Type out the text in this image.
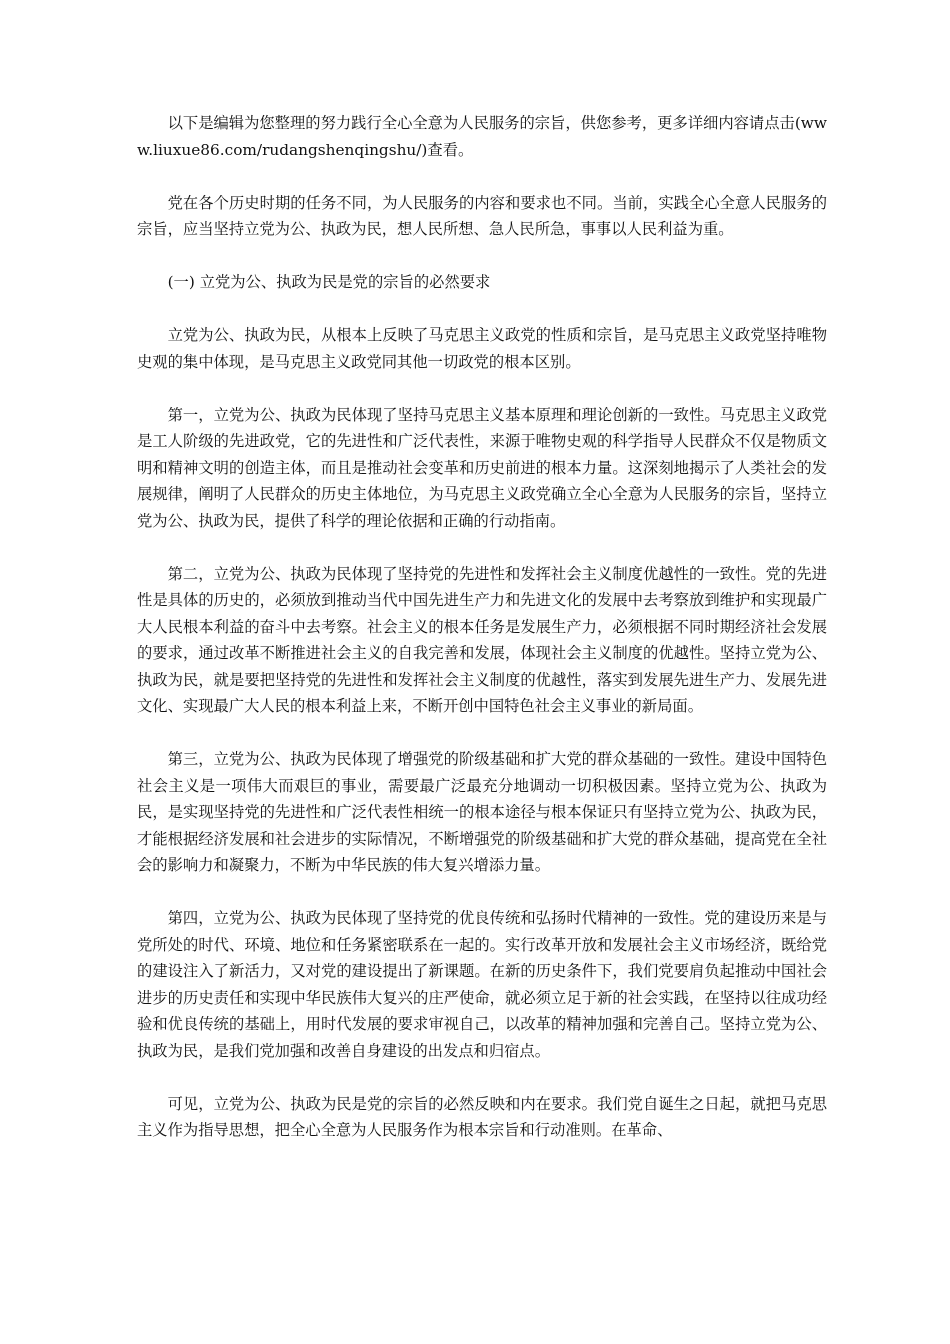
以下是编辑为您整理的努力践行全心全意为人民服务的宗旨，供您参考，更多详细内容请点击(www.liuxue86.com/rudangshenqingshu/)查看。

党在各个历史时期的任务不同，为人民服务的内容和要求也不同。当前，实践全心全意人民服务的宗旨，应当坚持立党为公、执政为民，想人民所想、急人民所急，事事以人民利益为重。

(一) 立党为公、执政为民是党的宗旨的必然要求

立党为公、执政为民，从根本上反映了马克思主义政党的性质和宗旨，是马克思主义政党坚持唯物史观的集中体现，是马克思主义政党同其他一切政党的根本区别。

第一，立党为公、执政为民体现了坚持马克思主义基本原理和理论创新的一致性。马克思主义政党是工人阶级的先进政党，它的先进性和广泛代表性，来源于唯物史观的科学指导人民群众不仅是物质文明和精神文明的创造主体，而且是推动社会变革和历史前进的根本力量。这深刻地揭示了人类社会的发展规律，阐明了人民群众的历史主体地位，为马克思主义政党确立全心全意为人民服务的宗旨，坚持立党为公、执政为民，提供了科学的理论依据和正确的行动指南。

第二，立党为公、执政为民体现了坚持党的先进性和发挥社会主义制度优越性的一致性。党的先进性是具体的历史的，必须放到推动当代中国先进生产力和先进文化的发展中去考察放到维护和实现最广大人民根本利益的奋斗中去考察。社会主义的根本任务是发展生产力，必须根据不同时期经济社会发展的要求，通过改革不断推进社会主义的自我完善和发展，体现社会主义制度的优越性。坚持立党为公、执政为民，就是要把坚持党的先进性和发挥社会主义制度的优越性，落实到发展先进生产力、发展先进文化、实现最广大人民的根本利益上来，不断开创中国特色社会主义事业的新局面。

第三，立党为公、执政为民体现了增强党的阶级基础和扩大党的群众基础的一致性。建设中国特色社会主义是一项伟大而艰巨的事业，需要最广泛最充分地调动一切积极因素。坚持立党为公、执政为民，是实现坚持党的先进性和广泛代表性相统一的根本途径与根本保证只有坚持立党为公、执政为民，才能根据经济发展和社会进步的实际情况，不断增强党的阶级基础和扩大党的群众基础，提高党在全社会的影响力和凝聚力，不断为中华民族的伟大复兴增添力量。

第四，立党为公、执政为民体现了坚持党的优良传统和弘扬时代精神的一致性。党的建设历来是与党所处的时代、环境、地位和任务紧密联系在一起的。实行改革开放和发展社会主义市场经济，既给党的建设注入了新活力，又对党的建设提出了新课题。在新的历史条件下，我们党要肩负起推动中国社会进步的历史责任和实现中华民族伟大复兴的庄严使命，就必须立足于新的社会实践，在坚持以往成功经验和优良传统的基础上，用时代发展的要求审视自己，以改革的精神加强和完善自己。坚持立党为公、执政为民，是我们党加强和改善自身建设的出发点和归宿点。

可见，立党为公、执政为民是党的宗旨的必然反映和内在要求。我们党自诞生之日起，就把马克思主义作为指导思想，把全心全意为人民服务作为根本宗旨和行动准则。在革命、
